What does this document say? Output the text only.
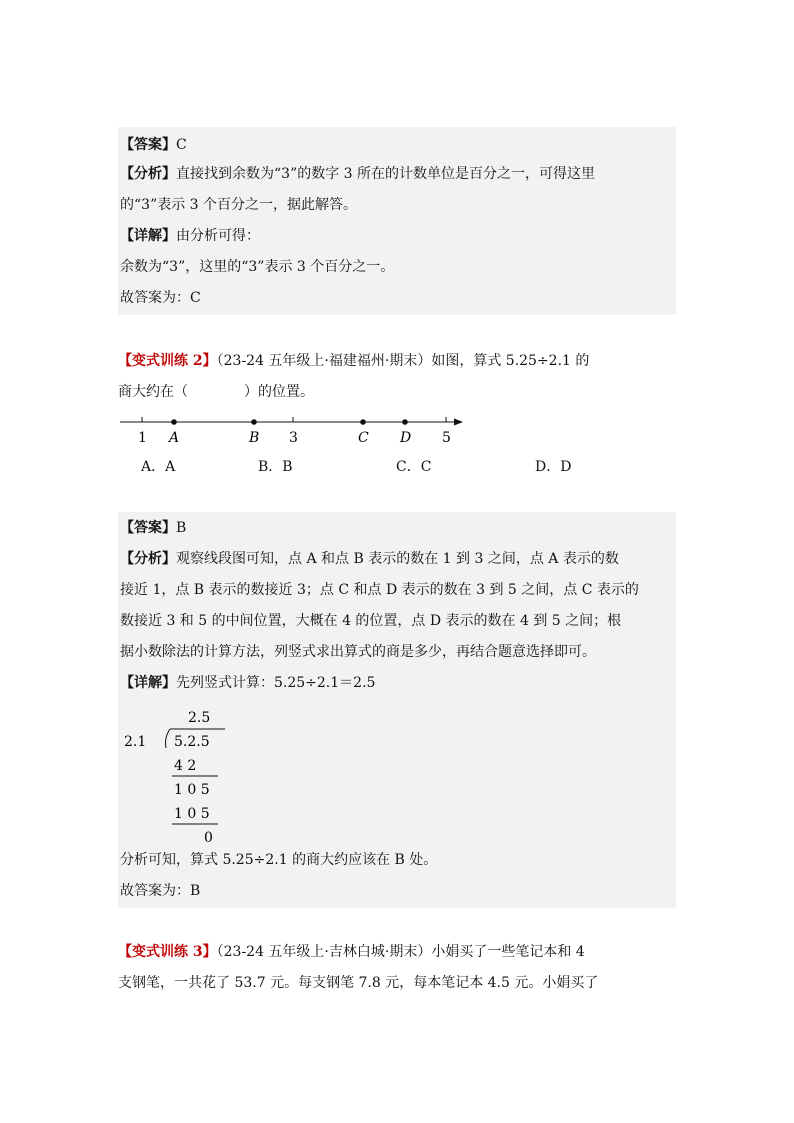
【答案】C
【分析】直接找到余数为“3”的数字 3 所在的计数单位是百分之一，可得这里
的“3”表示 3 个百分之一，据此解答。
【详解】由分析可得：
余数为“3”，这里的“3”表示 3 个百分之一。
故答案为：C
【变式训练 2】（23-24 五年级上·福建福州·期末）如图，算式 5.25÷2.1 的
商大约在（　　　　）的位置。
1	3	5
A	B	C D
A．A	B．B	C．C	D．D
【答案】B
【分析】观察线段图可知，点 A 和点 B 表示的数在 1 到 3 之间，点 A 表示的数
接近 1，点 B 表示的数接近 3；点 C 和点 D 表示的数在 3 到 5 之间，点 C 表示的
数接近 3 和 5 的中间位置，大概在 4 的位置，点 D 表示的数在 4 到 5 之间；根
据小数除法的计算方法，列竖式求出算式的商是多少，再结合题意选择即可。
【详解】先列竖式计算：5.25÷2.1＝2.5
2.5
2.1 5.2.5
4 2
1 0 5
1 0 5
0
分析可知，算式 5.25÷2.1 的商大约应该在 B 处。
故答案为：B
【变式训练 3】（23-24 五年级上·吉林白城·期末）小娟买了一些笔记本和 4
支钢笔，一共花了 53.7 元。每支钢笔 7.8 元，每本笔记本 4.5 元。小娟买了
